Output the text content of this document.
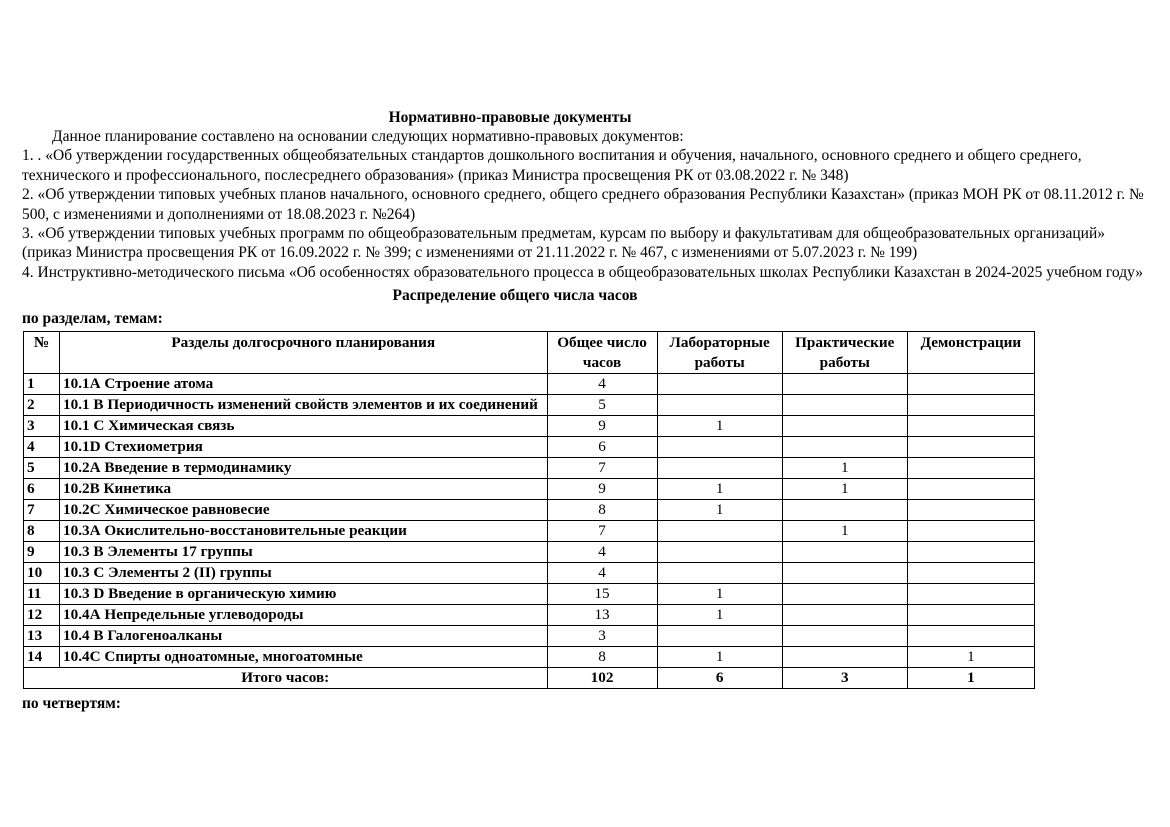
Нормативно-правовые документы

Данное планирование составлено на основании следующих нормативно-правовых документов:

1. . «Об утверждении государственных общеобязательных стандартов дошкольного воспитания и обучения, начального, основного среднего и общего среднего, технического и профессионального, послесреднего образования» (приказ Министра просвещения РК от 03.08.2022 г. № 348)

2. «Об утверждении типовых учебных планов начального, основного среднего, общего среднего образования Республики Казахстан» (приказ МОН РК от 08.11.2012 г. № 500, с изменениями и дополнениями от 18.08.2023 г. №264)

3. «Об утверждении типовых учебных программ по общеобразовательным предметам, курсам по выбору и факультативам для общеобразовательных организаций» (приказ Министра просвещения РК от 16.09.2022 г. № 399; с изменениями от 21.11.2022 г. № 467, с изменениями от 5.07.2023 г. № 199)

4. Инструктивно-методического письма «Об особенностях образовательного процесса в общеобразовательных школах Республики Казахстан в 2024-2025 учебном году»

Распределение общего числа часов
по разделам, темам:
№	Разделы долгосрочного планирования	Общее число часов	Лабораторные работы	Практические работы	Демонстрации
1	10.1А Строение атома	4			
2	10.1 В Периодичность изменений свойств элементов и их соединений	5			
3	10.1 С Химическая связь	9	1		
4	10.1D Стехиометрия	6			
5	10.2А Введение в термодинамику	7		1	
6	10.2В Кинетика	9	1	1	
7	10.2С Химическое равновесие	8	1		
8	10.3А Окислительно-восстановительные реакции	7		1	
9	10.3 В Элементы 17 группы	4			
10	10.3 С Элементы 2 (II) группы	4			
11	10.3 D Введение в органическую химию	15	1		
12	10.4А Непредельные углеводороды	13	1		
13	10.4 В Галогеноалканы	3			
14	10.4С Спирты одноатомные, многоатомные	8	1		1
Итого часов:		102	6	3	1
по четвертям:
